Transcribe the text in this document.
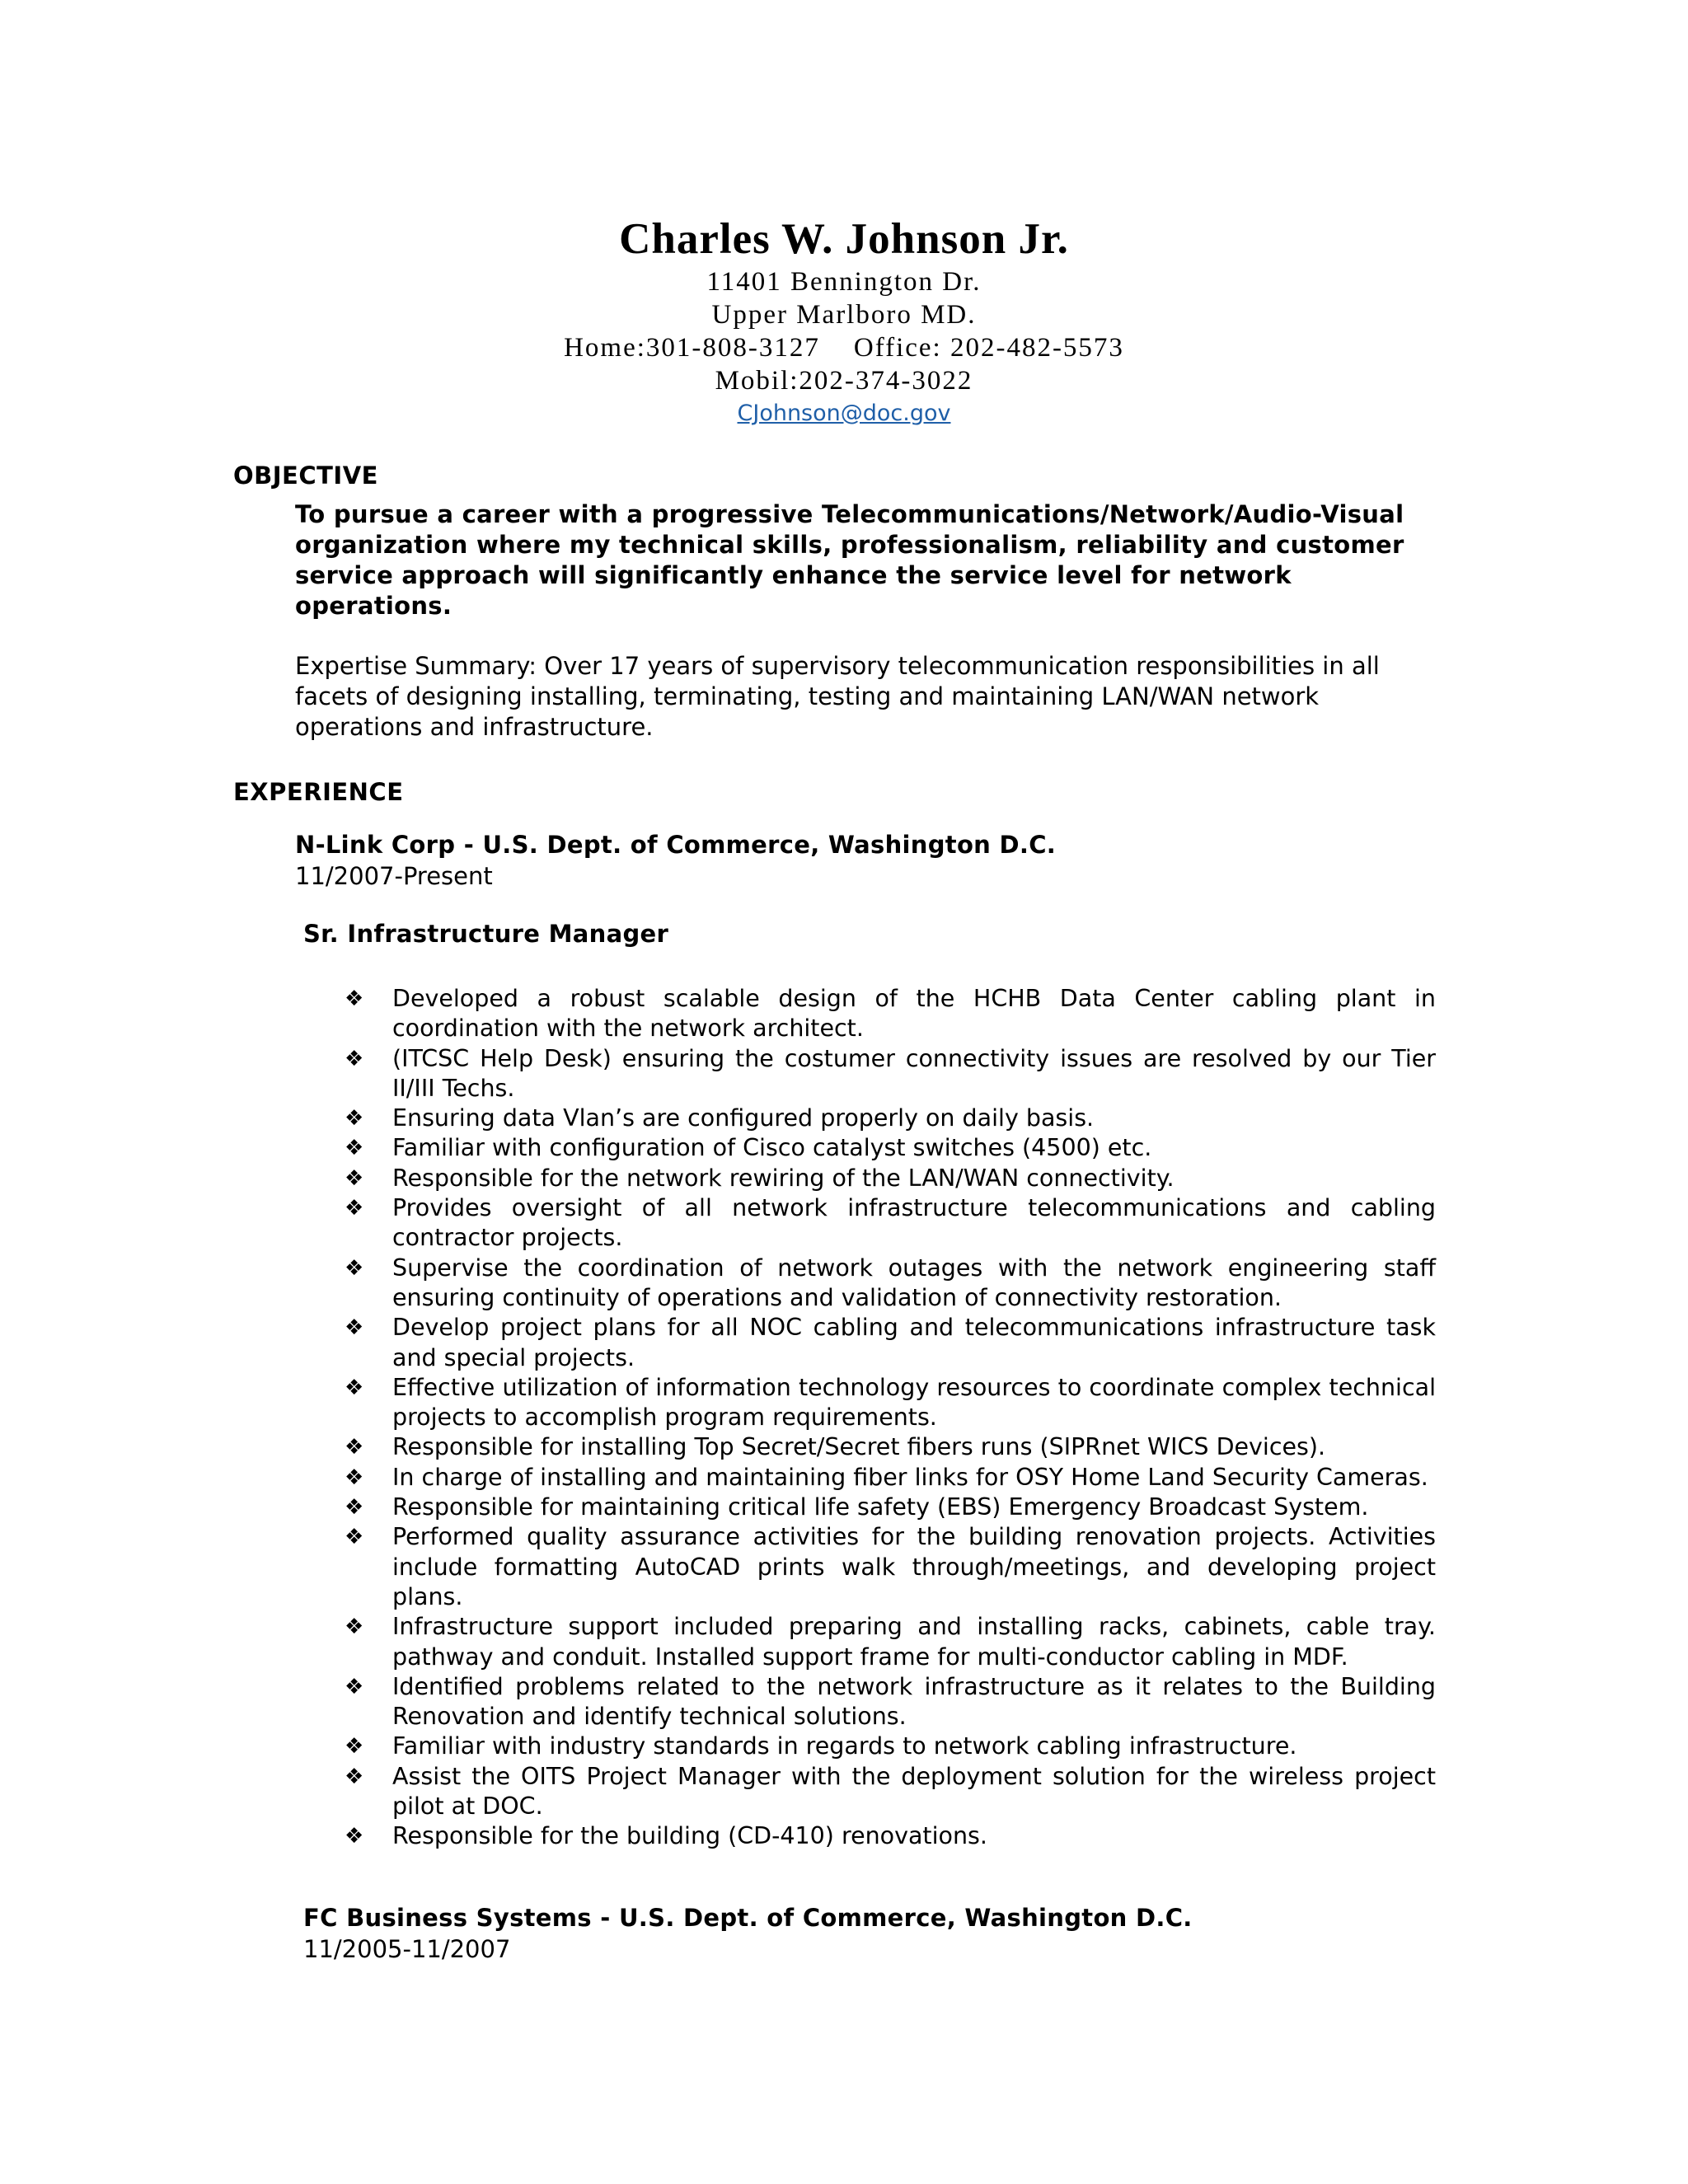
Charles W. Johnson Jr.
11401 Bennington Dr.
Upper Marlboro MD.
Home:301-808-3127    Office: 202-482-5573
Mobil:202-374-3022
CJohnson@doc.gov
OBJECTIVE
To pursue a career with a progressive Telecommunications/Network/Audio-Visual organization where my technical skills, professionalism, reliability and customer service approach will significantly enhance the service level for network operations.
Expertise Summary: Over 17 years of supervisory telecommunication responsibilities in all facets of designing installing, terminating, testing and maintaining LAN/WAN network operations and infrastructure.
EXPERIENCE
N-Link Corp - U.S. Dept. of Commerce, Washington D.C.
11/2007-Present
Sr. Infrastructure Manager
❖ Developed a robust scalable design of the HCHB Data Center cabling plant in coordination with the network architect.
❖ (ITCSC Help Desk) ensuring the costumer connectivity issues are resolved by our Tier II/III Techs.
❖ Ensuring data Vlan’s are configured properly on daily basis.
❖ Familiar with configuration of Cisco catalyst switches (4500) etc.
❖ Responsible for the network rewiring of the LAN/WAN connectivity.
❖ Provides oversight of all network infrastructure telecommunications and cabling contractor projects.
❖ Supervise the coordination of network outages with the network engineering staff ensuring continuity of operations and validation of connectivity restoration.
❖ Develop project plans for all NOC cabling and telecommunications infrastructure task and special projects.
❖ Effective utilization of information technology resources to coordinate complex technical projects to accomplish program requirements.
❖ Responsible for installing Top Secret/Secret fibers runs (SIPRnet WICS Devices).
❖ In charge of installing and maintaining fiber links for OSY Home Land Security Cameras.
❖ Responsible for maintaining critical life safety (EBS) Emergency Broadcast System.
❖ Performed quality assurance activities for the building renovation projects. Activities include formatting AutoCAD prints walk through/meetings, and developing project plans.
❖ Infrastructure support included preparing and installing racks, cabinets, cable tray. pathway and conduit. Installed support frame for multi-conductor cabling in MDF.
❖ Identified problems related to the network infrastructure as it relates to the Building Renovation and identify technical solutions.
❖ Familiar with industry standards in regards to network cabling infrastructure.
❖ Assist the OITS Project Manager with the deployment solution for the wireless project pilot at DOC.
❖ Responsible for the building (CD-410) renovations.
FC Business Systems - U.S. Dept. of Commerce, Washington D.C.
11/2005-11/2007
